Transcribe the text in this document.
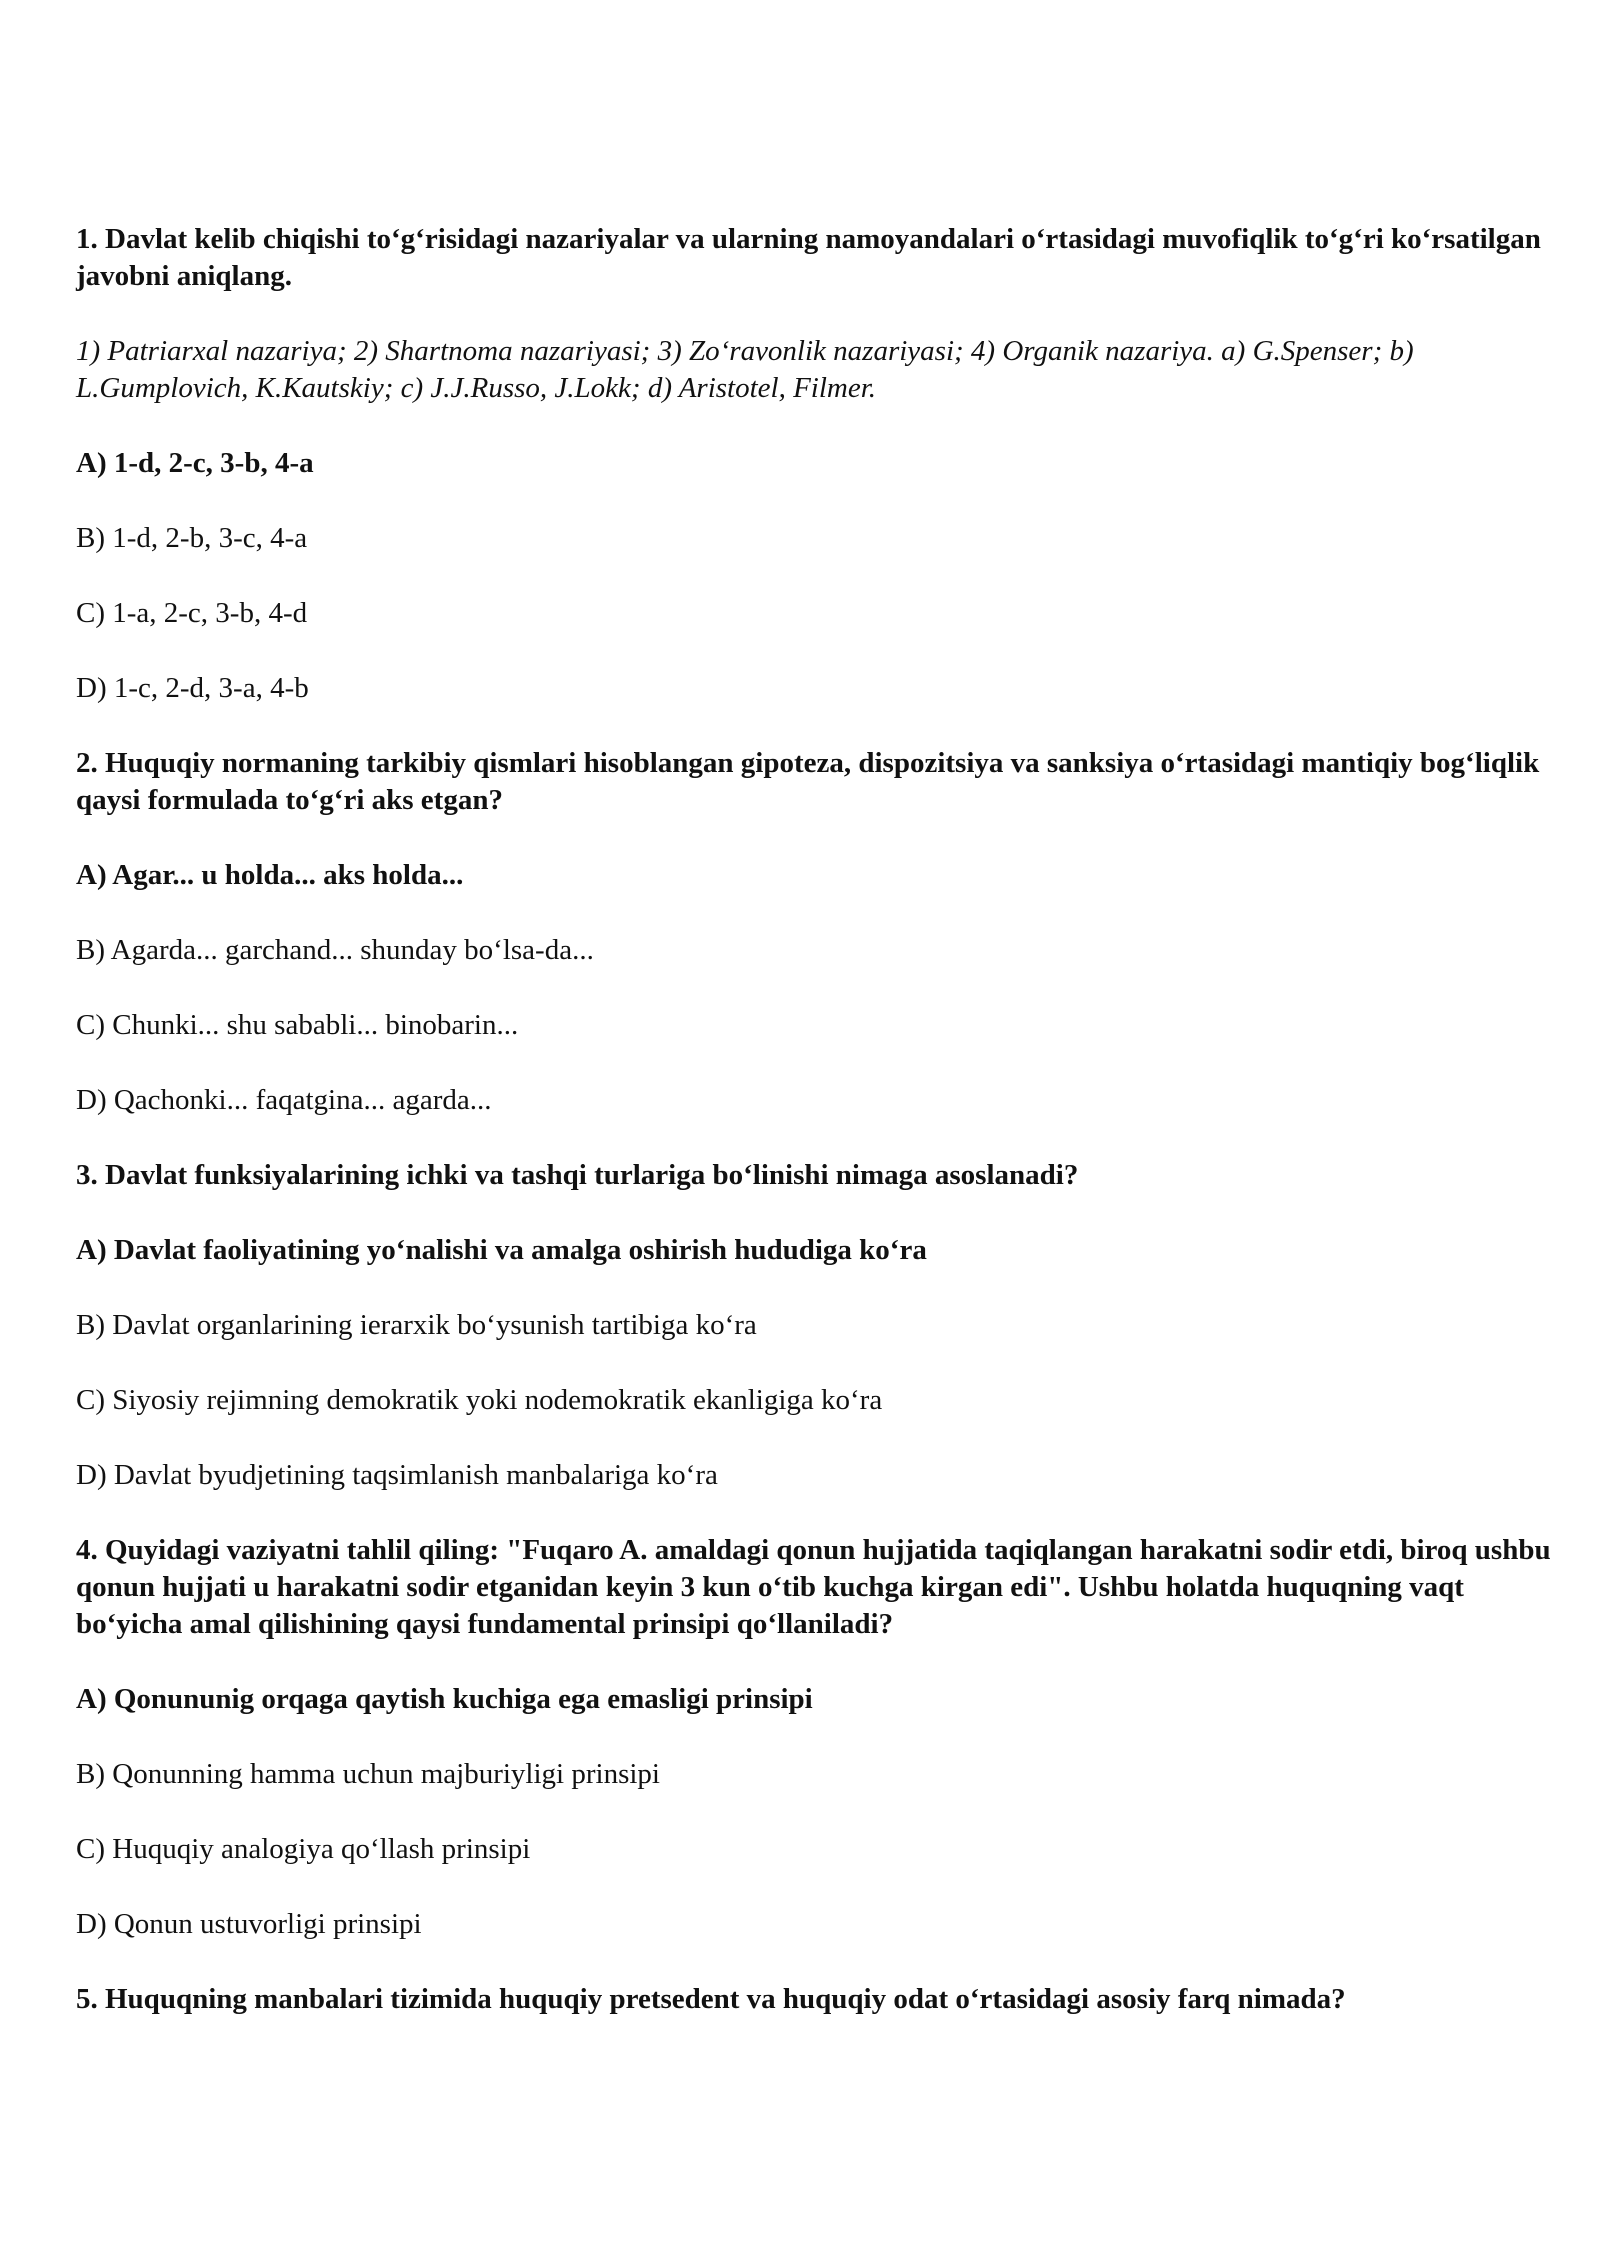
1. Davlat kelib chiqishi to‘g‘risidagi nazariyalar va ularning namoyandalari o‘rtasidagi muvofiqlik to‘g‘ri ko‘rsatilgan javobni aniqlang.
1) Patriarxal nazariya; 2) Shartnoma nazariyasi; 3) Zo‘ravonlik nazariyasi; 4) Organik nazariya. a) G.Spenser; b) L.Gumplovich, K.Kautskiy; c) J.J.Russo, J.Lokk; d) Aristotel, Filmer.
A) 1-d, 2-c, 3-b, 4-a
B) 1-d, 2-b, 3-c, 4-a
C) 1-a, 2-c, 3-b, 4-d
D) 1-c, 2-d, 3-a, 4-b
2. Huquqiy normaning tarkibiy qismlari hisoblangan gipoteza, dispozitsiya va sanksiya o‘rtasidagi mantiqiy bog‘liqlik qaysi formulada to‘g‘ri aks etgan?
A) Agar... u holda... aks holda...
B) Agarda... garchand... shunday bo‘lsa-da...
C) Chunki... shu sababli... binobarin...
D) Qachonki... faqatgina... agarda...
3. Davlat funksiyalarining ichki va tashqi turlariga bo‘linishi nimaga asoslanadi?
A) Davlat faoliyatining yo‘nalishi va amalga oshirish hududiga ko‘ra
B) Davlat organlarining ierarxik bo‘ysunish tartibiga ko‘ra
C) Siyosiy rejimning demokratik yoki nodemokratik ekanligiga ko‘ra
D) Davlat byudjetining taqsimlanish manbalariga ko‘ra
4. Quyidagi vaziyatni tahlil qiling: "Fuqaro A. amaldagi qonun hujjatida taqiqlangan harakatni sodir etdi, biroq ushbu qonun hujjati u harakatni sodir etganidan keyin 3 kun o‘tib kuchga kirgan edi". Ushbu holatda huquqning vaqt bo‘yicha amal qilishining qaysi fundamental prinsipi qo‘llaniladi?
A) Qonununig orqaga qaytish kuchiga ega emasligi prinsipi
B) Qonunning hamma uchun majburiyligi prinsipi
C) Huquqiy analogiya qo‘llash prinsipi
D) Qonun ustuvorligi prinsipi
5. Huquqning manbalari tizimida huquqiy pretsedent va huquqiy odat o‘rtasidagi asosiy farq nimada?
